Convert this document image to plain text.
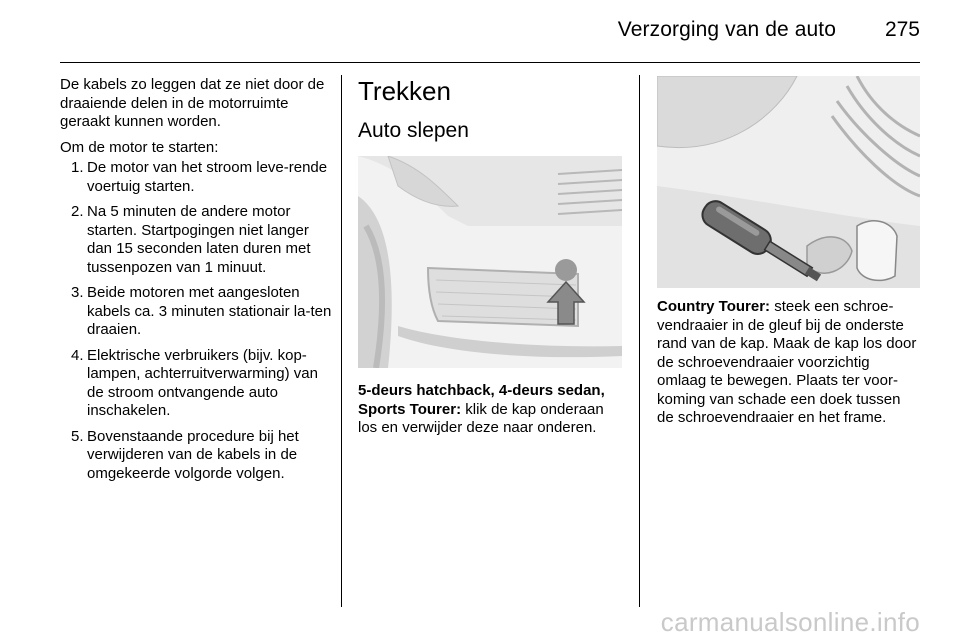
Verzorging van de auto 275

De kabels zo leggen dat ze niet door de draaiende delen in de motorruimte geraakt kunnen worden.

Om de motor te starten:

1. De motor van het stroom leve-rende voertuig starten.
2. Na 5 minuten de andere motor starten. Startpogingen niet langer dan 15 seconden laten duren met tussenpozen van 1 minuut.
3. Beide motoren met aangesloten kabels ca. 3 minuten stationair la-ten draaien.
4. Elektrische verbruikers (bijv. kop-lampen, achterruitverwarming) van de stroom ontvangende auto inschakelen.
5. Bovenstaande procedure bij het verwijderen van de kabels in de omgekeerde volgorde volgen.
Trekken
Auto slepen
5-deurs hatchback, 4-deurs sedan, Sports Tourer: klik de kap onderaan los en verwijder deze naar onderen.
Country Tourer: steek een schroe-vendraaier in de gleuf bij de onderste rand van de kap. Maak de kap los door de schroevendraaier voorzichtig omlaag te bewegen. Plaats ter voor-koming van schade een doek tussen de schroevendraaier en het frame.
carmanualsonline.info
